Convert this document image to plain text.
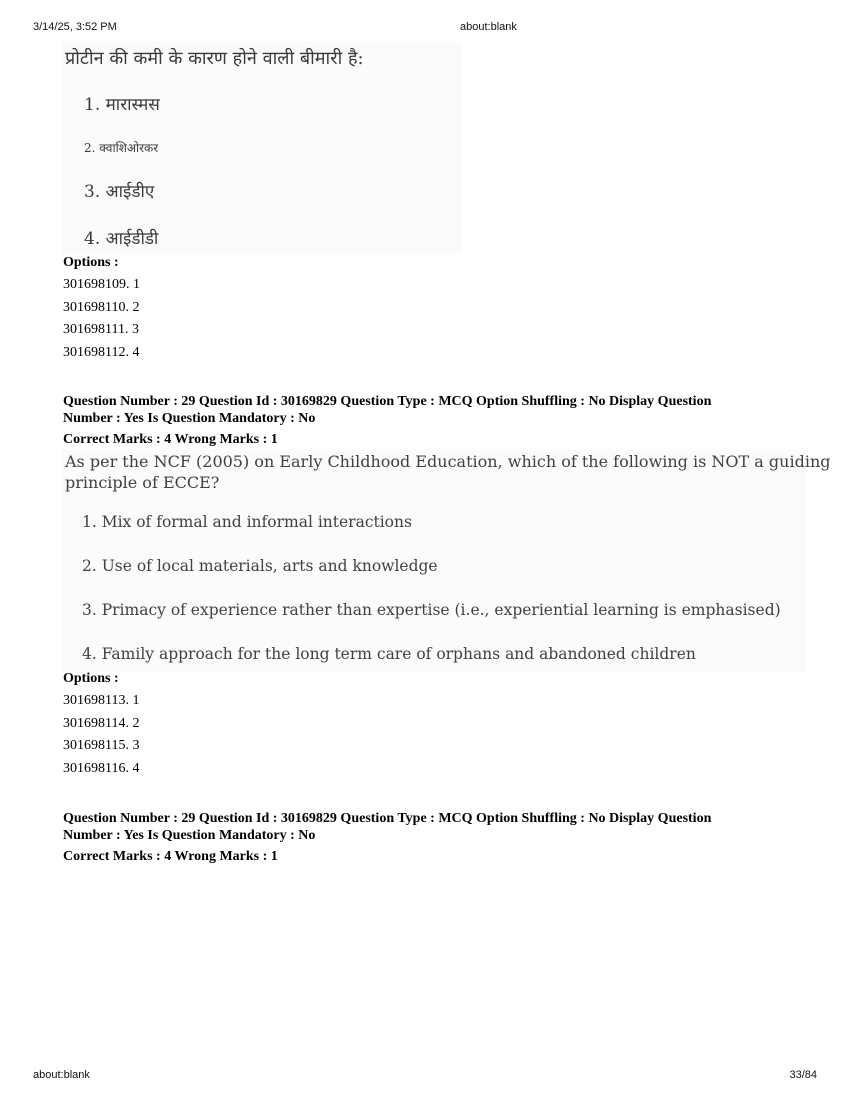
3/14/25, 3:52 PM	about:blank
प्रोटीन की कमी के कारण होने वाली बीमारी है:
1. मारास्मस
2. क्वाशिओरकर
3. आईडीए
4. आईडीडी
Options :
301698109. 1
301698110. 2
301698111. 3
301698112. 4
Question Number : 29 Question Id : 30169829 Question Type : MCQ Option Shuffling : No Display Question
Number : Yes Is Question Mandatory : No
Correct Marks : 4 Wrong Marks : 1
As per the NCF (2005) on Early Childhood Education, which of the following is NOT a guiding
principle of ECCE?
1. Mix of formal and informal interactions
2. Use of local materials, arts and knowledge
3. Primacy of experience rather than expertise (i.e., experiential learning is emphasised)
4. Family approach for the long term care of orphans and abandoned children
Options :
301698113. 1
301698114. 2
301698115. 3
301698116. 4
Question Number : 29 Question Id : 30169829 Question Type : MCQ Option Shuffling : No Display Question
Number : Yes Is Question Mandatory : No
Correct Marks : 4 Wrong Marks : 1
about:blank	33/84
